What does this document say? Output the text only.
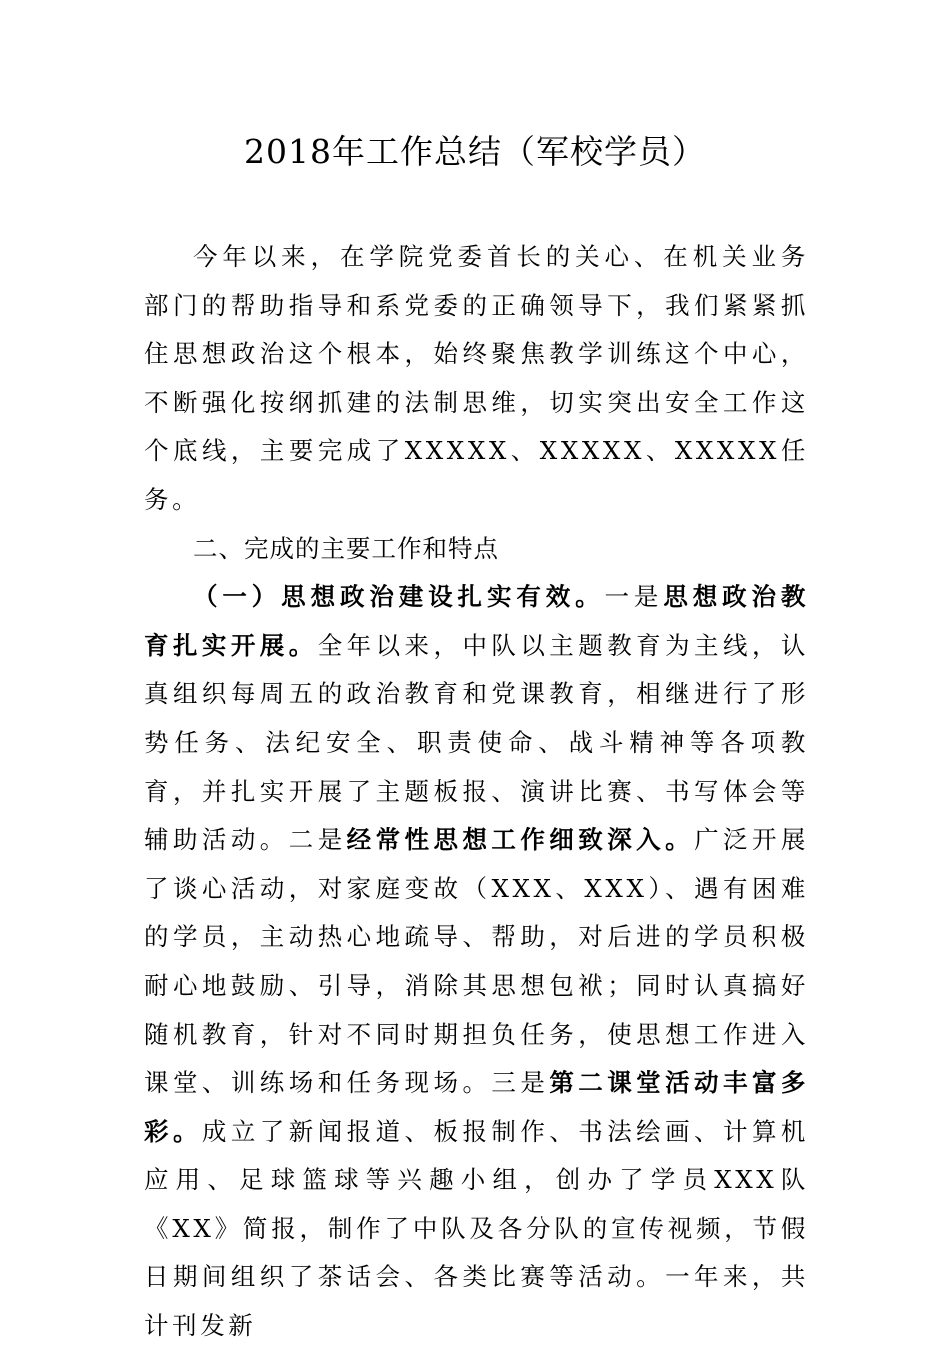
2018年工作总结（军校学员）

今年以来，在学院党委首长的关心、在机关业务部门的帮助指导和系党委的正确领导下，我们紧紧抓住思想政治这个根本，始终聚焦教学训练这个中心，不断强化按纲抓建的法制思维，切实突出安全工作这个底线，主要完成了XXXXX、XXXXX、XXXXX任务。

二、完成的主要工作和特点

（一）思想政治建设扎实有效。一是思想政治教育扎实开展。全年以来，中队以主题教育为主线，认真组织每周五的政治教育和党课教育，相继进行了形势任务、法纪安全、职责使命、战斗精神等各项教育，并扎实开展了主题板报、演讲比赛、书写体会等辅助活动。二是经常性思想工作细致深入。广泛开展了谈心活动，对家庭变故（XXX、XXX）、遇有困难的学员，主动热心地疏导、帮助，对后进的学员积极耐心地鼓励、引导，消除其思想包袱；同时认真搞好随机教育，针对不同时期担负任务，使思想工作进入课堂、训练场和任务现场。三是第二课堂活动丰富多彩。成立了新闻报道、板报制作、书法绘画、计算机应用、足球篮球等兴趣小组，创办了学员XXX队《XX》简报，制作了中队及各分队的宣传视频，节假日期间组织了茶话会、各类比赛等活动。一年来，共计刊发新
